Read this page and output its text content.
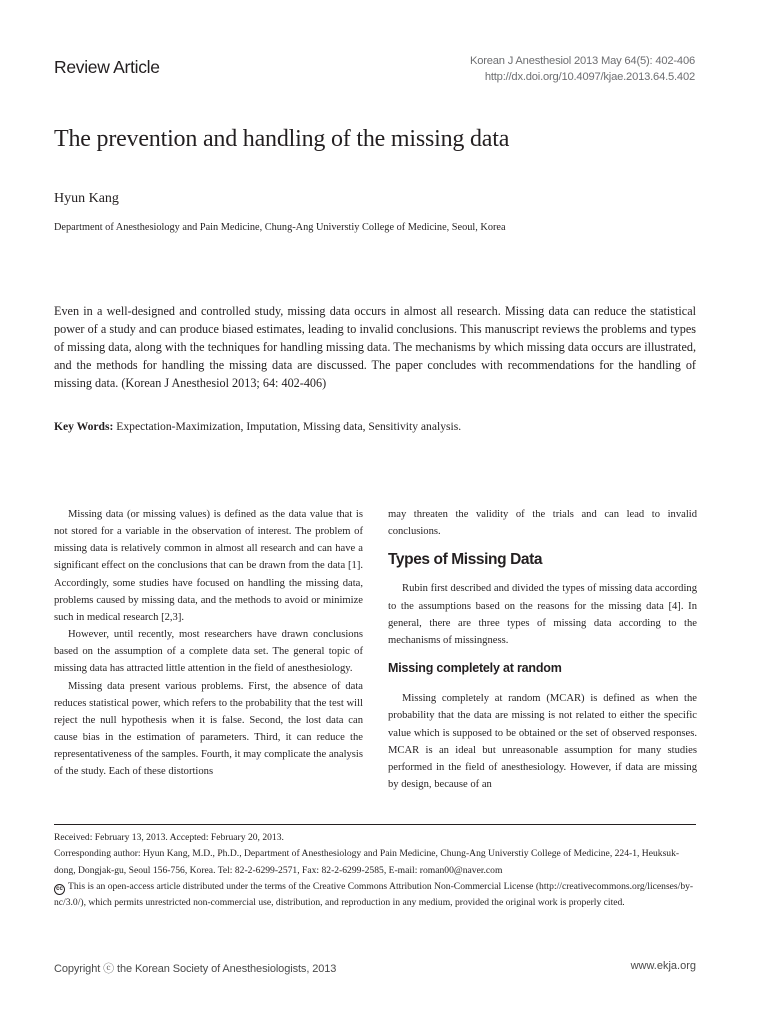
Review Article	Korean J Anesthesiol 2013 May 64(5): 402-406
http://dx.doi.org/10.4097/kjae.2013.64.5.402
The prevention and handling of the missing data
Hyun Kang
Department of Anesthesiology and Pain Medicine, Chung-Ang Universtiy College of Medicine, Seoul, Korea

Even in a well-designed and controlled study, missing data occurs in almost all research. Missing data can reduce the statistical power of a study and can produce biased estimates, leading to invalid conclusions. This manuscript reviews the problems and types of missing data, along with the techniques for handling missing data. The mechanisms by which missing data occurs are illustrated, and the methods for handling the missing data are discussed. The paper concludes with recommendations for the handling of missing data. (Korean J Anesthesiol 2013; 64: 402-406)

Key Words: Expectation-Maximization, Imputation, Missing data, Sensitivity analysis.

Missing data (or missing values) is defined as the data value that is not stored for a variable in the observation of interest. The problem of missing data is relatively common in almost all research and can have a significant effect on the conclusions that can be drawn from the data [1]. Accordingly, some studies have focused on handling the missing data, problems caused by missing data, and the methods to avoid or minimize such in medical research [2,3].

However, until recently, most researchers have drawn conclusions based on the assumption of a complete data set. The general topic of missing data has attracted little attention in the field of anesthesiology.

Missing data present various problems. First, the absence of data reduces statistical power, which refers to the probability that the test will reject the null hypothesis when it is false. Second, the lost data can cause bias in the estimation of parameters. Third, it can reduce the representativeness of the samples. Fourth, it may complicate the analysis of the study. Each of these distortions

may threaten the validity of the trials and can lead to invalid conclusions.

Types of Missing Data

Rubin first described and divided the types of missing data according to the assumptions based on the reasons for the missing data [4]. In general, there are three types of missing data according to the mechanisms of missingness.

Missing completely at random

Missing completely at random (MCAR) is defined as when the probability that the data are missing is not related to either the specific value which is supposed to be obtained or the set of observed responses. MCAR is an ideal but unreasonable assumption for many studies performed in the field of anesthesiology. However, if data are missing by design, because of an

Received: February 13, 2013. Accepted: February 20, 2013.
Corresponding author: Hyun Kang, M.D., Ph.D., Department of Anesthesiology and Pain Medicine, Chung-Ang Universtiy College of Medicine, 224-1, Heuksuk-dong, Dongjak-gu, Seoul 156-756, Korea. Tel: 82-2-6299-2571, Fax: 82-2-6299-2585, E-mail: roman00@naver.com
cc This is an open-access article distributed under the terms of the Creative Commons Attribution Non-Commercial License (http://creativecommons.org/licenses/by-nc/3.0/), which permits unrestricted non-commercial use, distribution, and reproduction in any medium, provided the original work is properly cited.
Copyright ⓒ the Korean Society of Anesthesiologists, 2013	www.ekja.org
